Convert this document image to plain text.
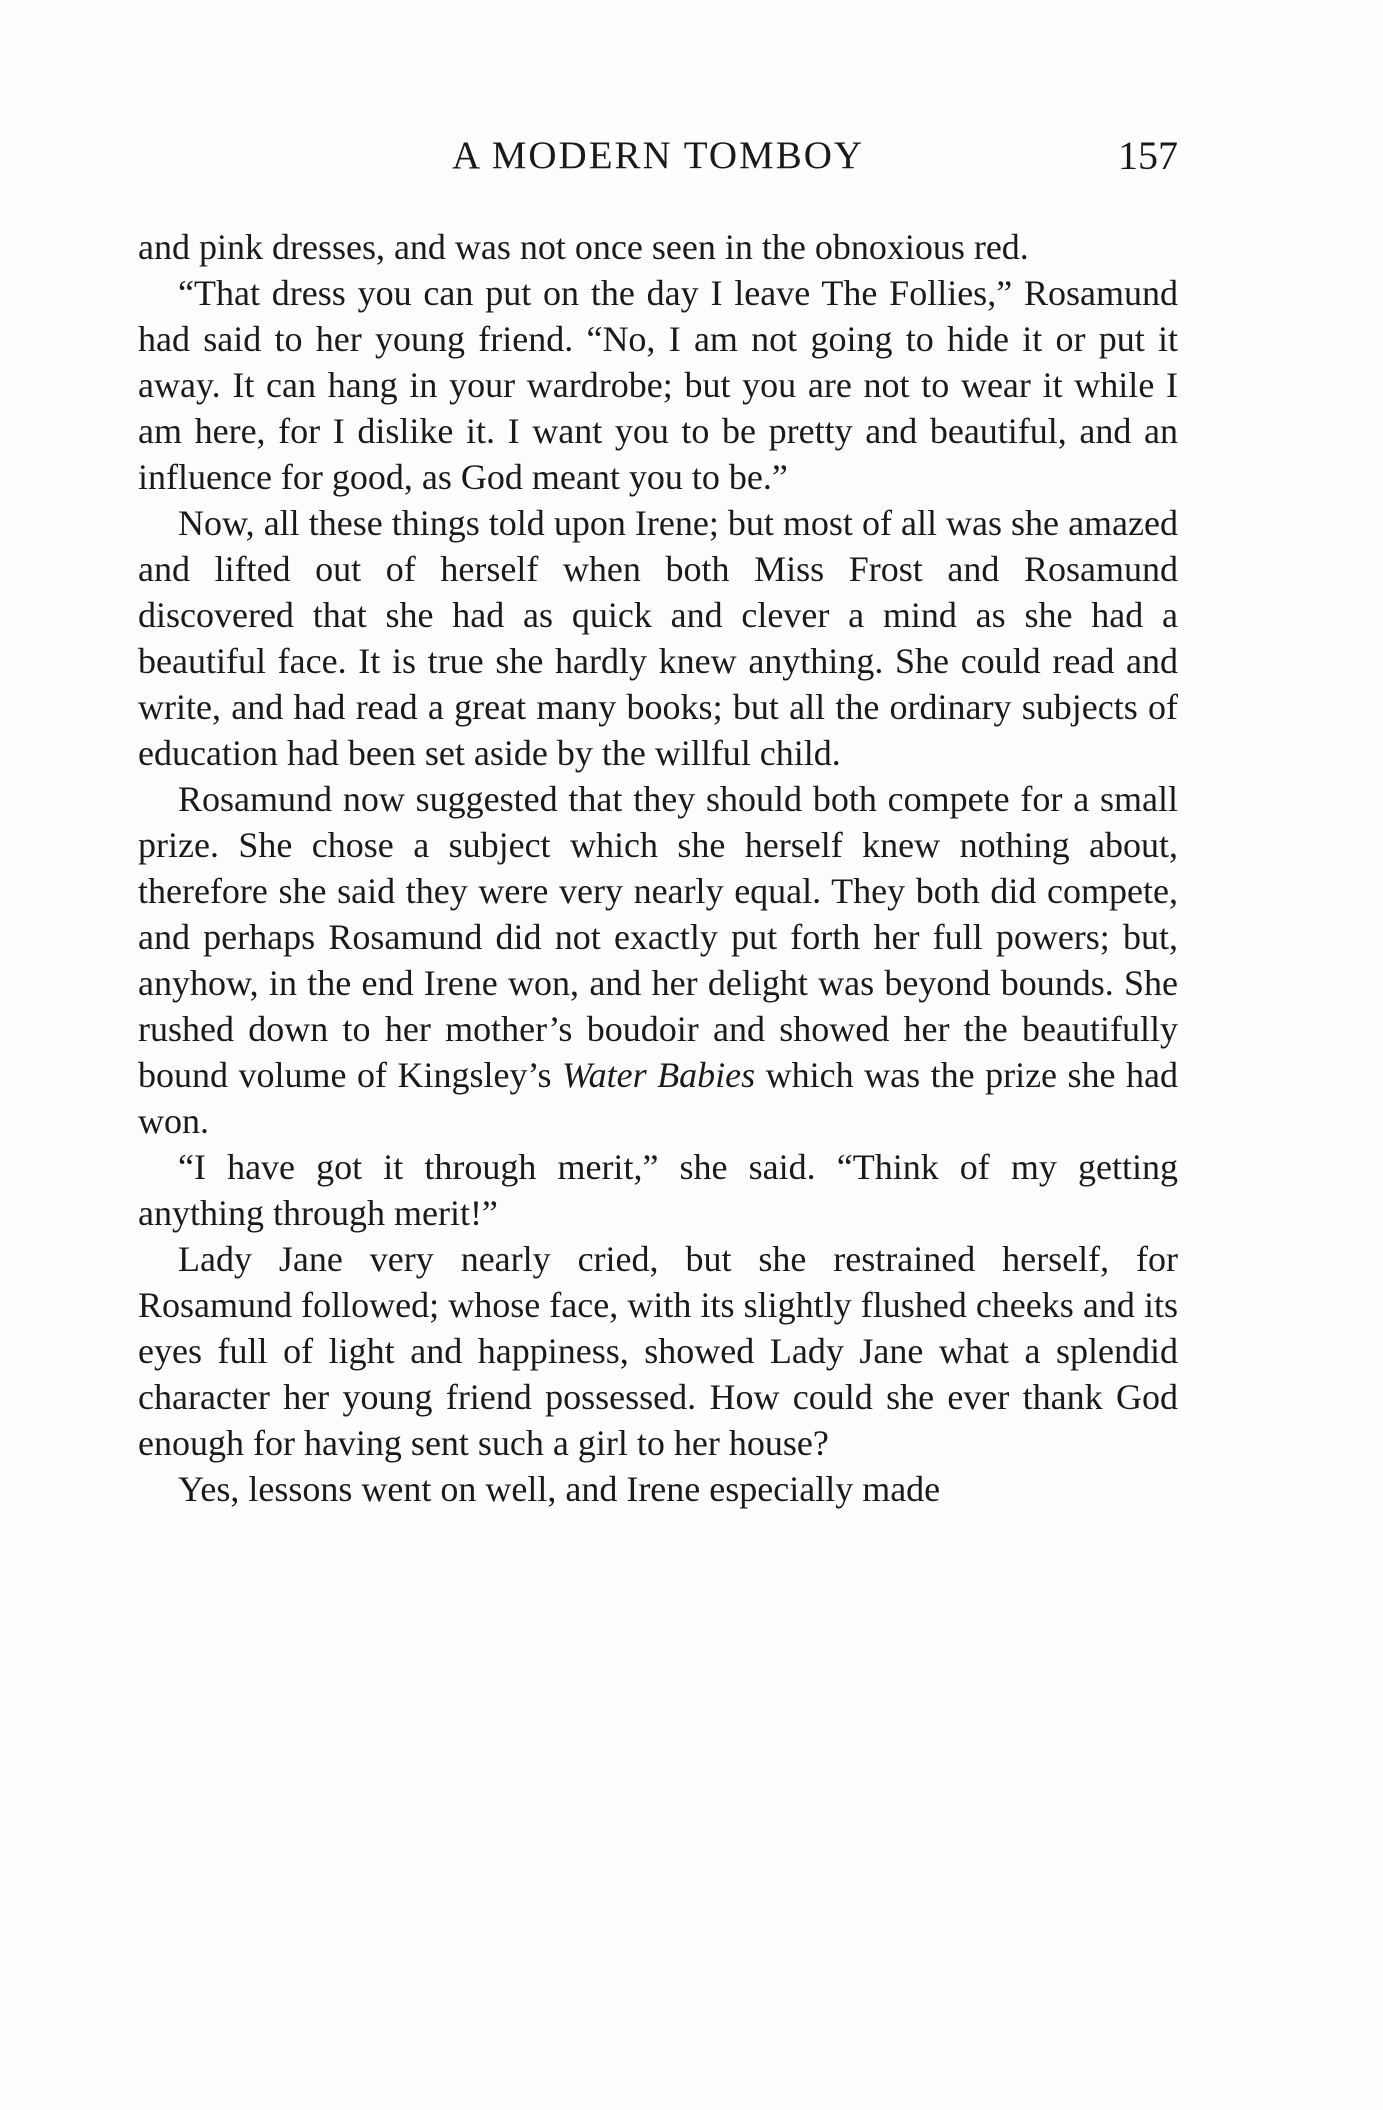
A MODERN TOMBOY	157

and pink dresses, and was not once seen in the obnoxious red.

“That dress you can put on the day I leave The Follies,” Rosamund had said to her young friend. “No, I am not going to hide it or put it away. It can hang in your wardrobe; but you are not to wear it while I am here, for I dislike it. I want you to be pretty and beautiful, and an influence for good, as God meant you to be.”

Now, all these things told upon Irene; but most of all was she amazed and lifted out of herself when both Miss Frost and Rosamund discovered that she had as quick and clever a mind as she had a beautiful face. It is true she hardly knew anything. She could read and write, and had read a great many books; but all the ordinary subjects of education had been set aside by the willful child.

Rosamund now suggested that they should both compete for a small prize. She chose a subject which she herself knew nothing about, therefore she said they were very nearly equal. They both did compete, and perhaps Rosamund did not exactly put forth her full powers; but, anyhow, in the end Irene won, and her delight was beyond bounds. She rushed down to her mother’s boudoir and showed her the beautifully bound volume of Kingsley’s Water Babies which was the prize she had won.

“I have got it through merit,” she said. “Think of my getting anything through merit!”

Lady Jane very nearly cried, but she restrained herself, for Rosamund followed; whose face, with its slightly flushed cheeks and its eyes full of light and happiness, showed Lady Jane what a splendid character her young friend possessed. How could she ever thank God enough for having sent such a girl to her house?

Yes, lessons went on well, and Irene especially made
